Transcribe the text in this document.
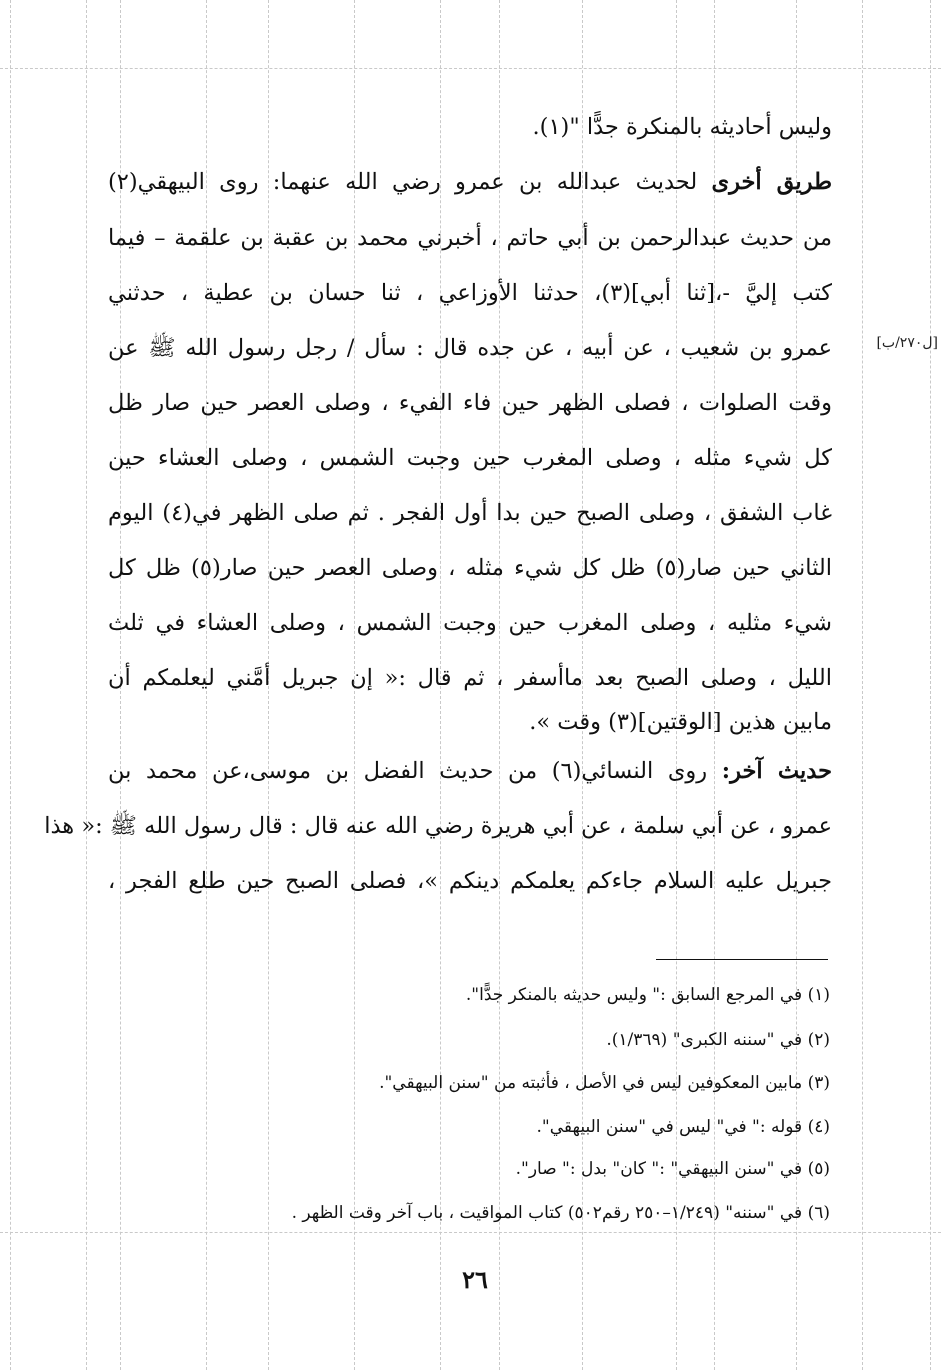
وليس أحاديثه بالمنكرة جدًّا "(١).
طريق أخرى لحديث عبدالله بن عمرو رضي الله عنهما: روى البيهقي(٢)
من حديث عبدالرحمن بن أبي حاتم ، أخبرني محمد بن عقبة بن علقمة – فيما
كتب إليَّ -،[ثنا أبي](٣)، حدثنا الأوزاعي ، ثنا حسان بن عطية ، حدثني
عمرو بن شعيب ، عن أبيه ، عن جده قال : سأل / رجل رسول الله ﷺ عن
وقت الصلوات ، فصلى الظهر حين فاء الفيء ، وصلى العصر حين صار ظل
كل شيء مثله ، وصلى المغرب حين وجبت الشمس ، وصلى العشاء حين
غاب الشفق ، وصلى الصبح حين بدا أول الفجر . ثم صلى الظهر في(٤) اليوم
الثاني حين صار(٥) ظل كل شيء مثله ، وصلى العصر حين صار(٥) ظل كل
شيء مثليه ، وصلى المغرب حين وجبت الشمس ، وصلى العشاء في ثلث
الليل ، وصلى الصبح بعد ماأسفر ، ثم قال :« إن جبريل أمَّني ليعلمكم أن
مابين هذين [الوقتين](٣) وقت ».
حديث آخر: روى النسائي(٦) من حديث الفضل بن موسى،عن محمد بن
عمرو ، عن أبي سلمة ، عن أبي هريرة رضي الله عنه قال : قال رسول الله ﷺ :« هذا
جبريل عليه السلام جاءكم يعلمكم دينكم »، فصلى الصبح حين طلع الفجر ،
[ل٢٧٠/ب]
(١) في المرجع السابق :" وليس حديثه بالمنكر جدًّا".
(٢) في "سننه الكبرى" (١/٣٦٩).
(٣) مابين المعكوفين ليس في الأصل ، فأثبته من "سنن البيهقي".
(٤) قوله :" في" ليس في "سنن البيهقي".
(٥) في "سنن البيهقي" :" كان" بدل :" صار".
(٦) في "سننه" (١/٢٤٩–٢٥٠ رقم٥٠٢) كتاب المواقيت ، باب آخر وقت الظهر .
٢٦
